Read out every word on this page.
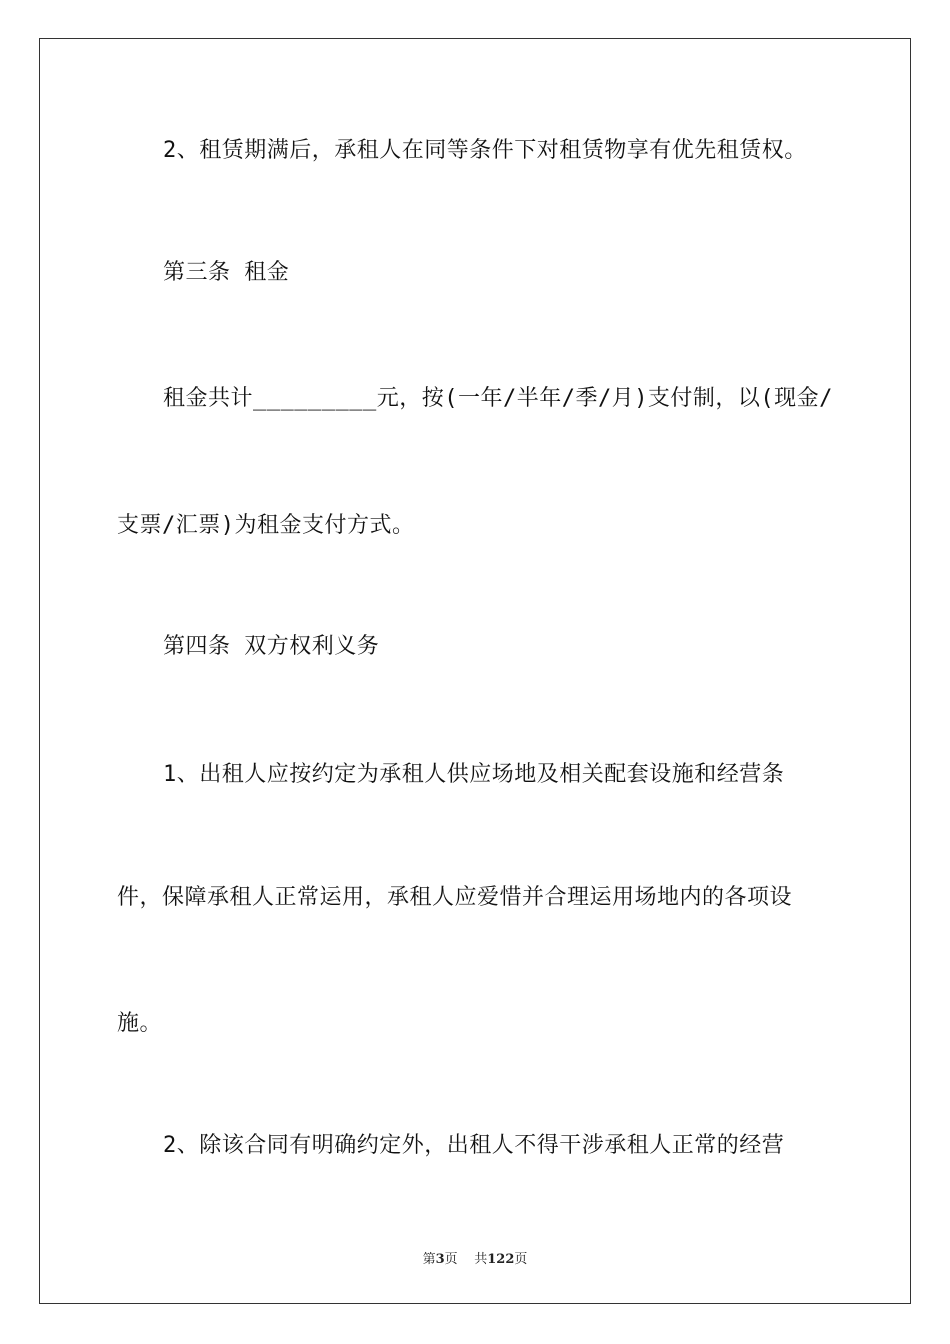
2、租赁期满后，承租人在同等条件下对租赁物享有优先租赁权。
第三条 租金
租金共计_________元，按(一年/半年/季/月)支付制，以(现金/
支票/汇票)为租金支付方式。
第四条 双方权利义务
1、出租人应按约定为承租人供应场地及相关配套设施和经营条
件，保障承租人正常运用，承租人应爱惜并合理运用场地内的各项设
施。
2、除该合同有明确约定外，出租人不得干涉承租人正常的经营
第3页 共122页
